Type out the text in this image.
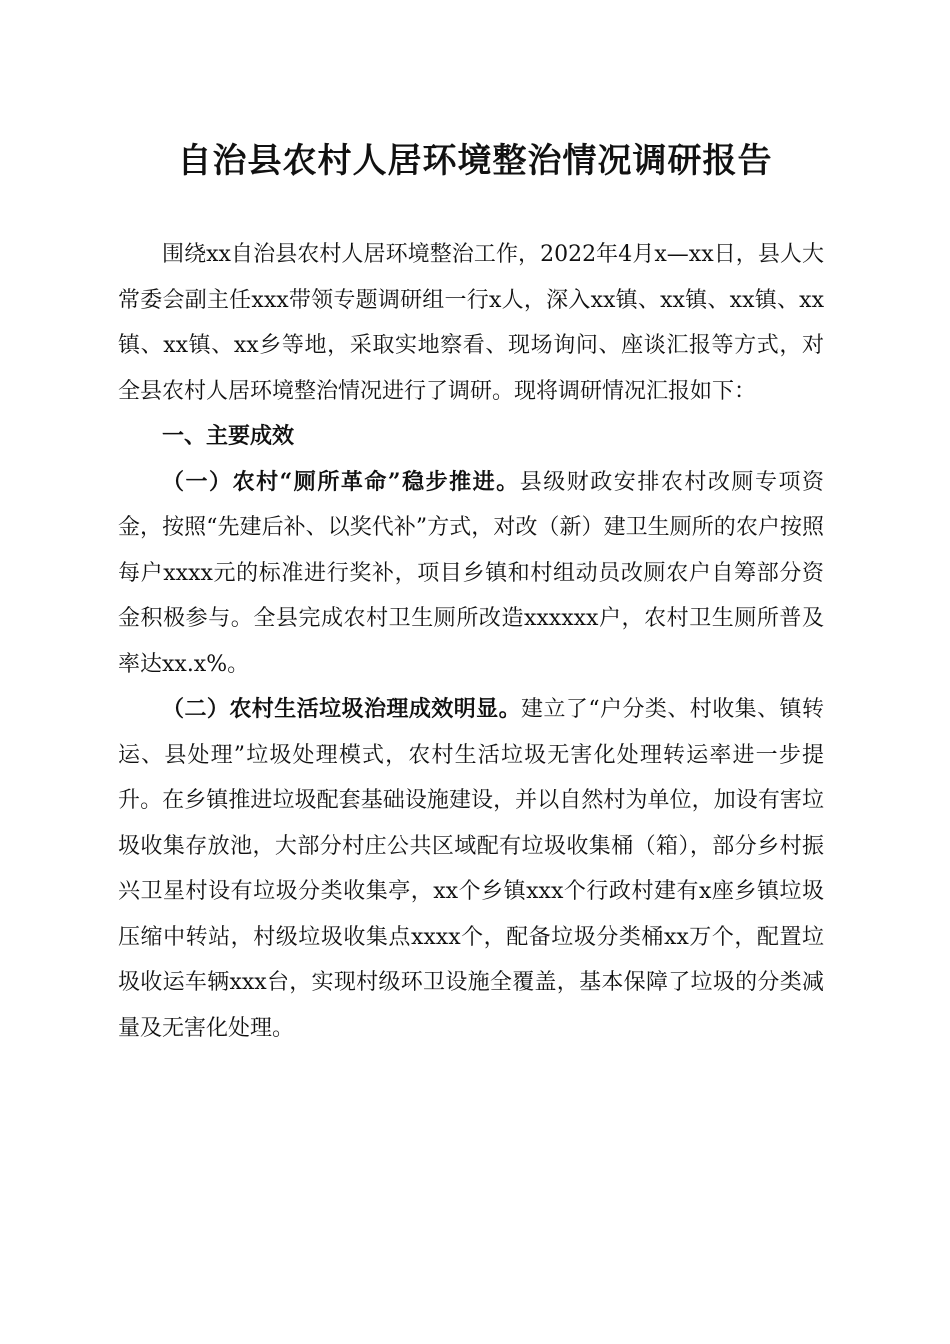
自治县农村人居环境整治情况调研报告

围绕xx自治县农村人居环境整治工作，2022年4月x—xx日，县人大常委会副主任xxx带领专题调研组一行x人，深入xx镇、xx镇、xx镇、xx镇、xx镇、xx乡等地，采取实地察看、现场询问、座谈汇报等方式，对全县农村人居环境整治情况进行了调研。现将调研情况汇报如下：

一、主要成效

（一）农村“厕所革命”稳步推进。县级财政安排农村改厕专项资金，按照“先建后补、以奖代补”方式，对改（新）建卫生厕所的农户按照每户xxxx元的标准进行奖补，项目乡镇和村组动员改厕农户自筹部分资金积极参与。全县完成农村卫生厕所改造xxxxxx户，农村卫生厕所普及率达xx.x%。

（二）农村生活垃圾治理成效明显。建立了“户分类、村收集、镇转运、县处理”垃圾处理模式，农村生活垃圾无害化处理转运率进一步提升。在乡镇推进垃圾配套基础设施建设，并以自然村为单位，加设有害垃圾收集存放池，大部分村庄公共区域配有垃圾收集桶（箱），部分乡村振兴卫星村设有垃圾分类收集亭，xx个乡镇xxx个行政村建有x座乡镇垃圾压缩中转站，村级垃圾收集点xxxx个，配备垃圾分类桶xx万个，配置垃圾收运车辆xxx台，实现村级环卫设施全覆盖，基本保障了垃圾的分类减量及无害化处理。
